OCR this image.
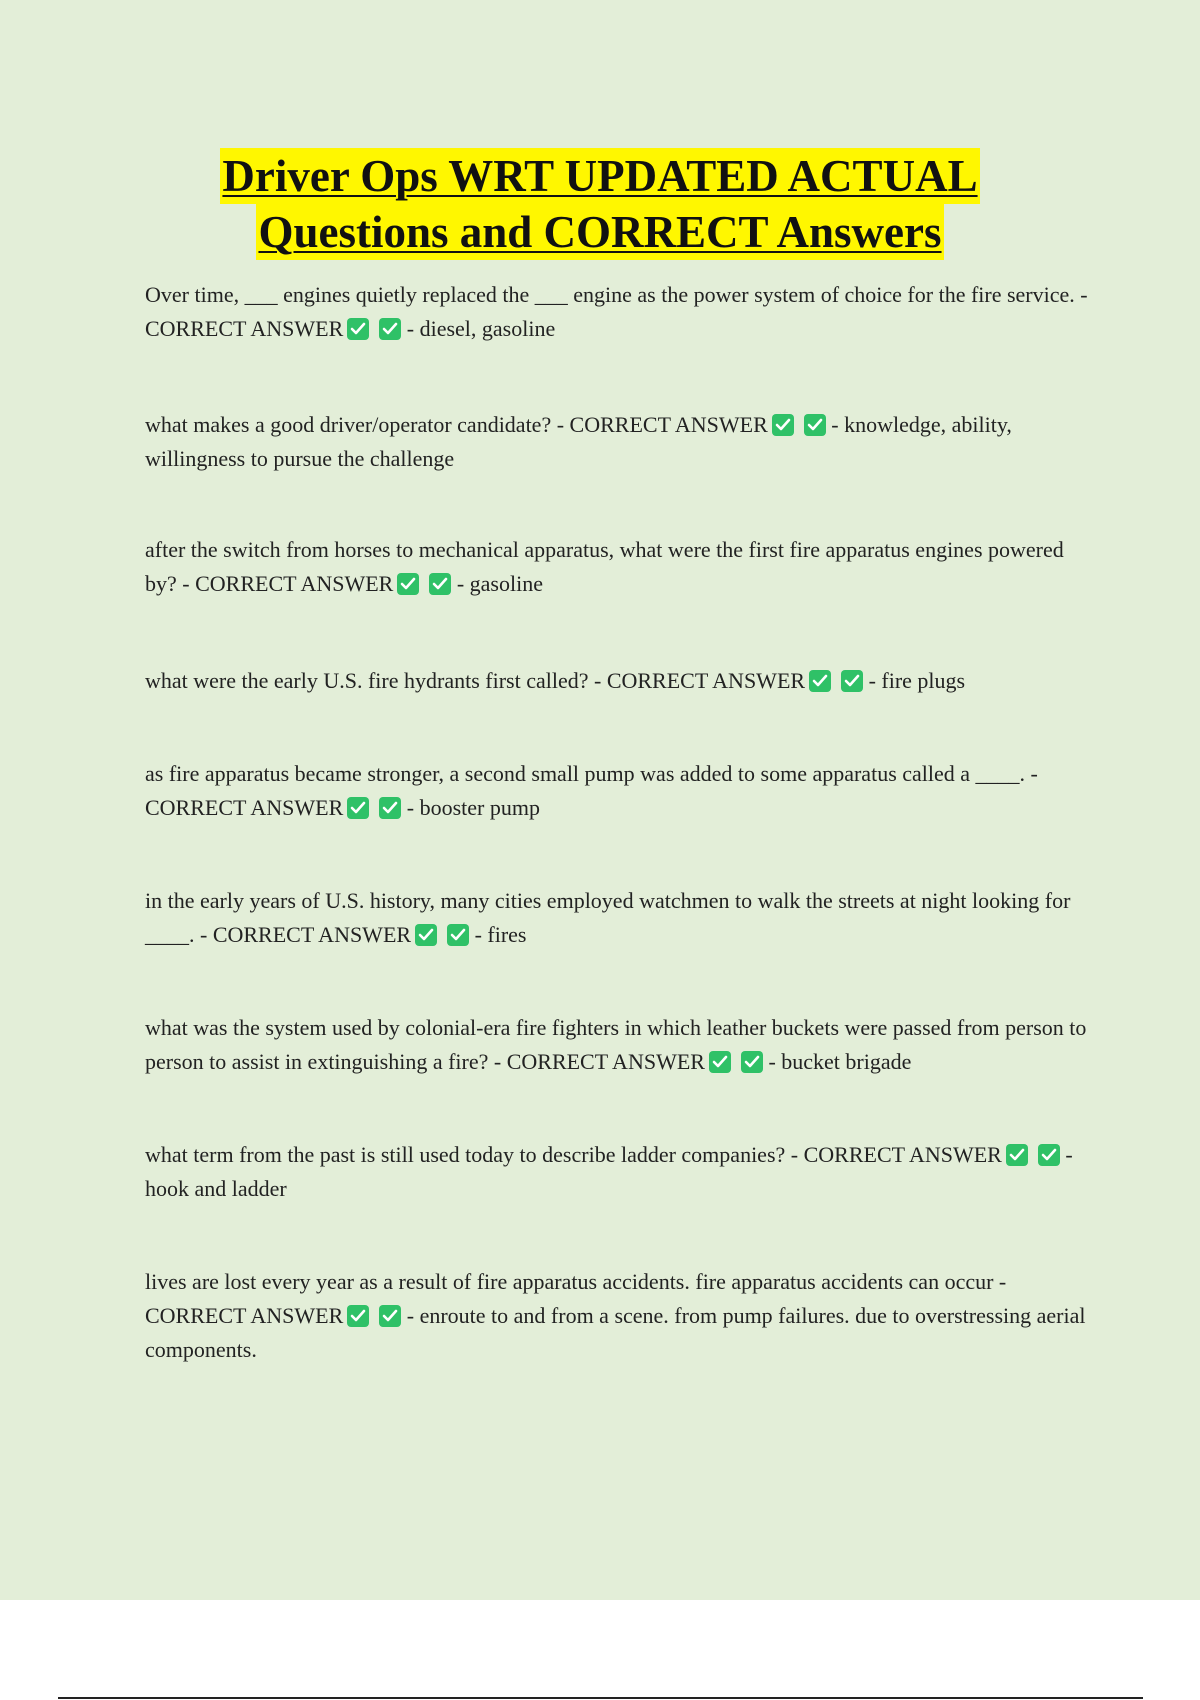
Driver Ops WRT UPDATED ACTUAL
Questions and CORRECT Answers
Over time, ___ engines quietly replaced the ___ engine as the power system of choice for the fire service. - CORRECT ANSWER	- diesel, gasoline
what makes a good driver/operator candidate? - CORRECT ANSWER	- knowledge, ability, willingness to pursue the challenge
after the switch from horses to mechanical apparatus, what were the first fire apparatus engines powered by? - CORRECT ANSWER	- gasoline
what were the early U.S. fire hydrants first called? - CORRECT ANSWER	- fire plugs
as fire apparatus became stronger, a second small pump was added to some apparatus called a ____. - CORRECT ANSWER	- booster pump
in the early years of U.S. history, many cities employed watchmen to walk the streets at night looking for ____. - CORRECT ANSWER	- fires
what was the system used by colonial-era fire fighters in which leather buckets were passed from person to person to assist in extinguishing a fire? - CORRECT ANSWER	- bucket brigade
what term from the past is still used today to describe ladder companies? - CORRECT ANSWER	- hook and ladder
lives are lost every year as a result of fire apparatus accidents. fire apparatus accidents can occur - CORRECT ANSWER	- enroute to and from a scene. from pump failures. due to overstressing aerial components.
